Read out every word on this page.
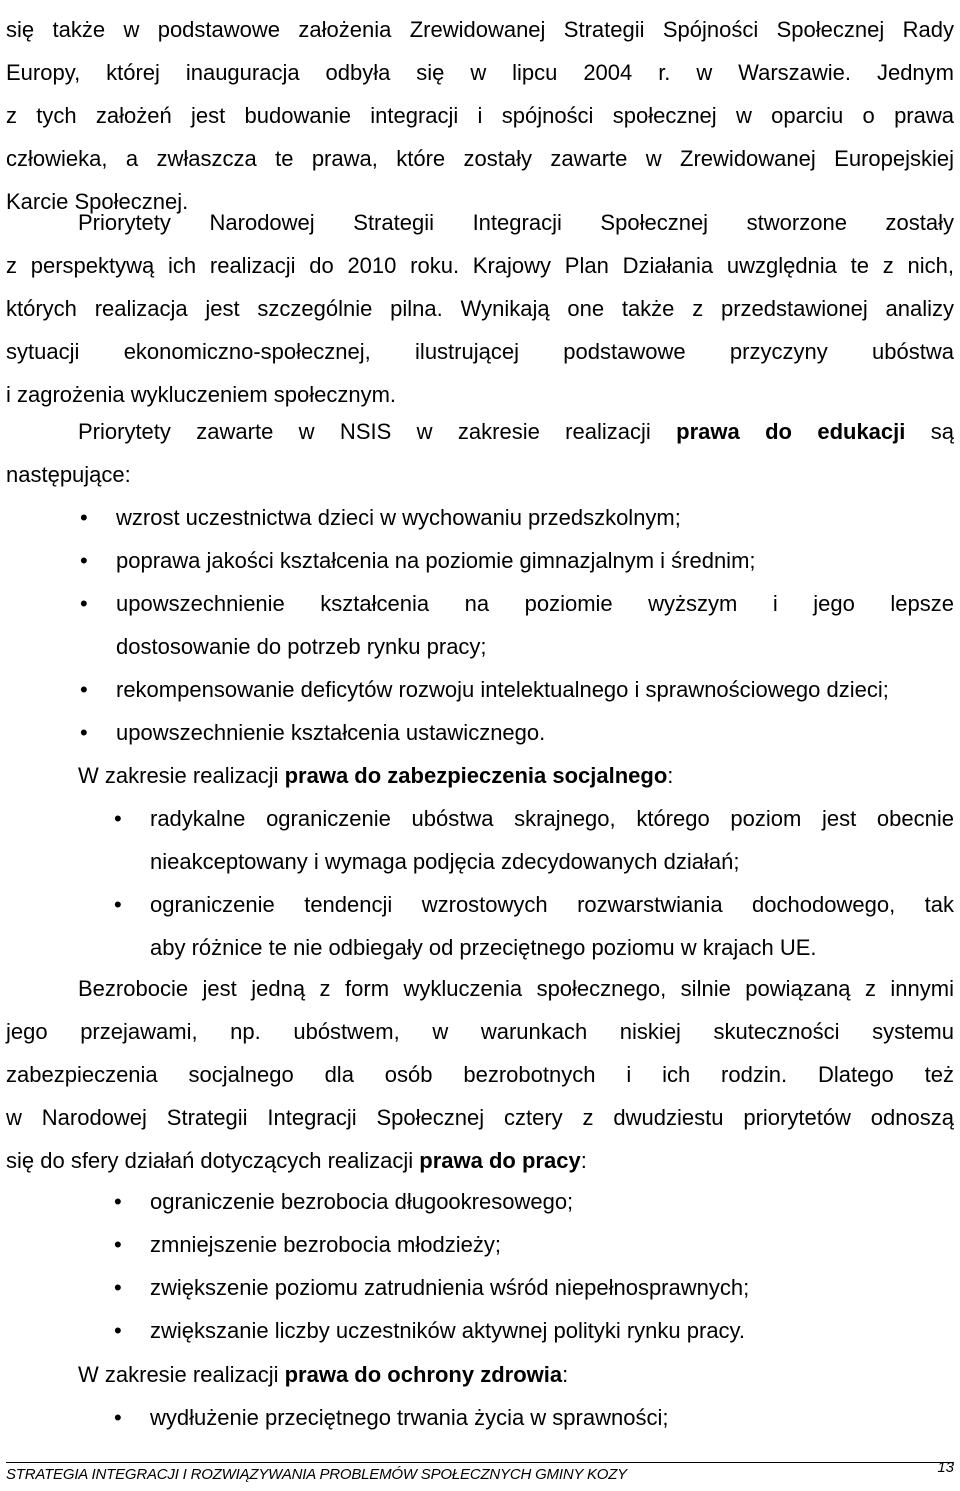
się także w podstawowe założenia Zrewidowanej Strategii Spójności Społecznej Rady
Europy, której inauguracja odbyła się w lipcu 2004 r. w Warszawie. Jednym
z tych założeń jest budowanie integracji i spójności społecznej w oparciu o prawa
człowieka, a zwłaszcza te prawa, które zostały zawarte w Zrewidowanej Europejskiej
Karcie Społecznej.
Priorytety Narodowej Strategii Integracji Społecznej stworzone zostały
z perspektywą ich realizacji do 2010 roku. Krajowy Plan Działania uwzględnia te z nich,
których realizacja jest szczególnie pilna. Wynikają one także z przedstawionej analizy
sytuacji ekonomiczno-społecznej, ilustrującej podstawowe przyczyny ubóstwa
i zagrożenia wykluczeniem społecznym.
Priorytety zawarte w NSIS w zakresie realizacji prawa do edukacji są
następujące:
• wzrost uczestnictwa dzieci w wychowaniu przedszkolnym;
• poprawa jakości kształcenia na poziomie gimnazjalnym i średnim;
• upowszechnienie kształcenia na poziomie wyższym i jego lepsze
dostosowanie do potrzeb rynku pracy;
• rekompensowanie deficytów rozwoju intelektualnego i sprawnościowego dzieci;
• upowszechnienie kształcenia ustawicznego.
W zakresie realizacji prawa do zabezpieczenia socjalnego:
• radykalne ograniczenie ubóstwa skrajnego, którego poziom jest obecnie
nieakceptowany i wymaga podjęcia zdecydowanych działań;
• ograniczenie tendencji wzrostowych rozwarstwiania dochodowego, tak
aby różnice te nie odbiegały od przeciętnego poziomu w krajach UE.
Bezrobocie jest jedną z form wykluczenia społecznego, silnie powiązaną z innymi
jego przejawami, np. ubóstwem, w warunkach niskiej skuteczności systemu
zabezpieczenia socjalnego dla osób bezrobotnych i ich rodzin. Dlatego też
w Narodowej Strategii Integracji Społecznej cztery z dwudziestu priorytetów odnoszą
się do sfery działań dotyczących realizacji prawa do pracy:
• ograniczenie bezrobocia długookresowego;
• zmniejszenie bezrobocia młodzieży;
• zwiększenie poziomu zatrudnienia wśród niepełnosprawnych;
• zwiększanie liczby uczestników aktywnej polityki rynku pracy.
W zakresie realizacji prawa do ochrony zdrowia:
• wydłużenie przeciętnego trwania życia w sprawności;
STRATEGIA INTEGRACJI I ROZWIĄZYWANIA PROBLEMÓW SPOŁECZNYCH GMINY KOZY	13
